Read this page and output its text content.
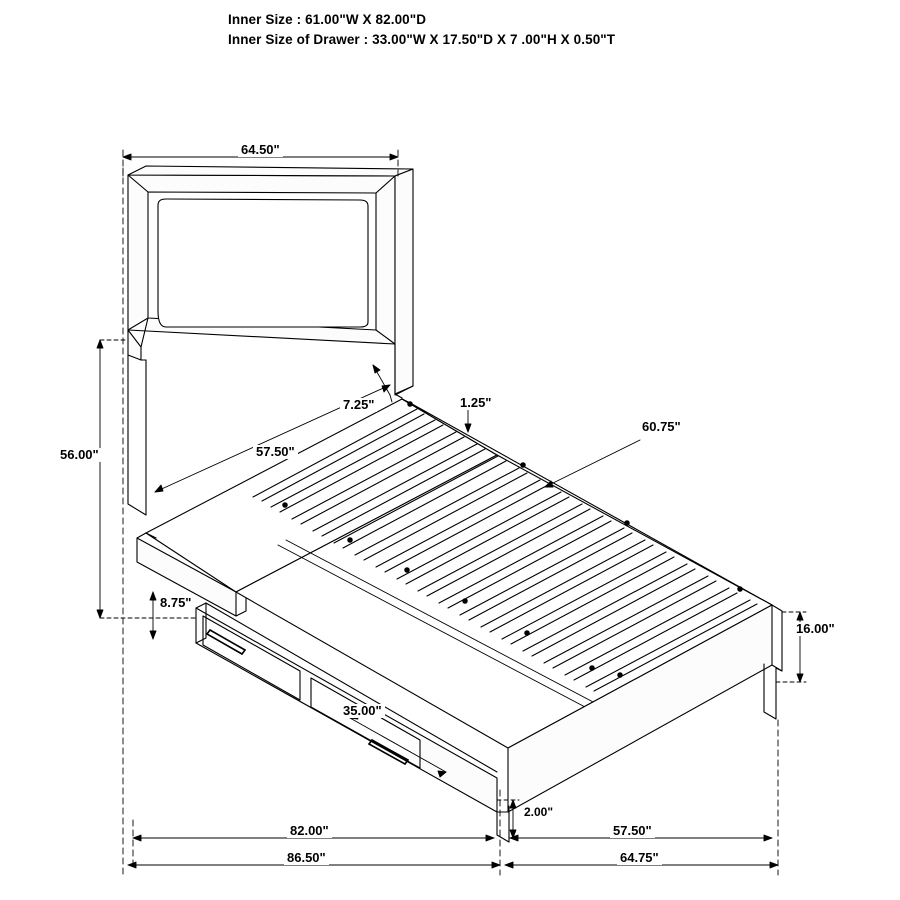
Inner Size : 61.00"W X 82.00"D
Inner Size of Drawer : 33.00"W X 17.50"D X 7 .00"H X 0.50"T
64.50"
56.00"
7.25"	1.25"
57.50"
60.75"
8.75"
16.00"
35.00"
2.00"
82.00"	57.50"
86.50"	64.75"
